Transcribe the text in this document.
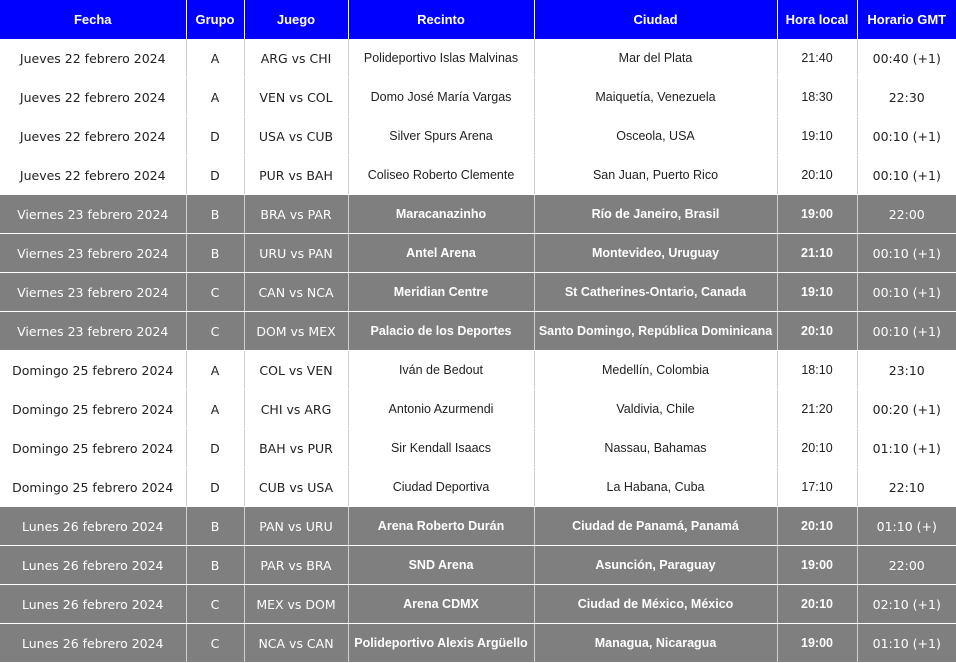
Fecha	Grupo	Juego	Recinto	Ciudad	Hora local	Horario GMT
Jueves 22 febrero 2024	A	ARG vs CHI	Polideportivo Islas Malvinas	Mar del Plata	21:40	00:40 (+1)
Jueves 22 febrero 2024	A	VEN vs COL	Domo José María Vargas	Maiquetía, Venezuela	18:30	22:30
Jueves 22 febrero 2024	D	USA vs CUB	Silver Spurs Arena	Osceola, USA	19:10	00:10 (+1)
Jueves 22 febrero 2024	D	PUR vs BAH	Coliseo Roberto Clemente	San Juan, Puerto Rico	20:10	00:10 (+1)
Viernes 23 febrero 2024	B	BRA vs PAR	Maracanazinho	Río de Janeiro, Brasil	19:00	22:00
Viernes 23 febrero 2024	B	URU vs PAN	Antel Arena	Montevideo, Uruguay	21:10	00:10 (+1)
Viernes 23 febrero 2024	C	CAN vs NCA	Meridian Centre	St Catherines-Ontario, Canada	19:10	00:10 (+1)
Viernes 23 febrero 2024	C	DOM vs MEX	Palacio de los Deportes	Santo Domingo, República Dominicana	20:10	00:10 (+1)
Domingo 25 febrero 2024	A	COL vs VEN	Iván de Bedout	Medellín, Colombia	18:10	23:10
Domingo 25 febrero 2024	A	CHI vs ARG	Antonio Azurmendi	Valdivia, Chile	21:20	00:20 (+1)
Domingo 25 febrero 2024	D	BAH vs PUR	Sir Kendall Isaacs	Nassau, Bahamas	20:10	01:10 (+1)
Domingo 25 febrero 2024	D	CUB vs USA	Ciudad Deportiva	La Habana, Cuba	17:10	22:10
Lunes 26 febrero 2024	B	PAN vs URU	Arena Roberto Durán	Ciudad de Panamá, Panamá	20:10	01:10 (+)
Lunes 26 febrero 2024	B	PAR vs BRA	SND Arena	Asunción, Paraguay	19:00	22:00
Lunes 26 febrero 2024	C	MEX vs DOM	Arena CDMX	Ciudad de México, México	20:10	02:10 (+1)
Lunes 26 febrero 2024	C	NCA vs CAN	Polideportivo Alexis Argüello	Managua, Nicaragua	19:00	01:10 (+1)
